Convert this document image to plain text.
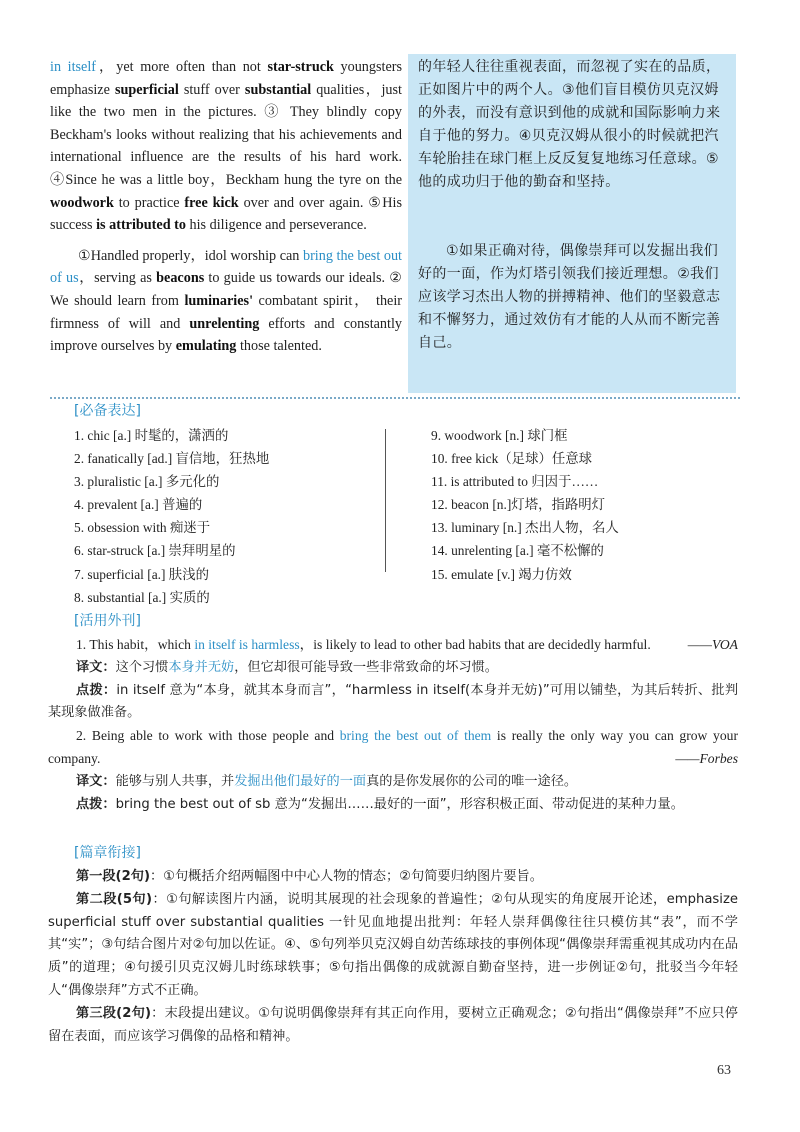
in itself，yet more often than not star-struck youngsters emphasize superficial stuff over substantial qualities，just like the two men in the pictures. ③ They blindly copy Beckham's looks without realizing that his achievements and international influence are the results of his hard work. ④Since he was a little boy，Beckham hung the tyre on the woodwork to practice free kick over and over again. ⑤His success is attributed to his diligence and perseverance.

①Handled properly，idol worship can bring the best out of us，serving as beacons to guide us towards our ideals. ② We should learn from luminaries' combatant spirit， their firmness of will and unrelenting efforts and constantly improve ourselves by emulating those talented.

的年轻人往往重视表面，而忽视了实在的品质，正如图片中的两个人。③他们盲目模仿贝克汉姆的外表，而没有意识到他的成就和国际影响力来自于他的努力。④贝克汉姆从很小的时候就把汽车轮胎挂在球门框上反反复复地练习任意球。⑤他的成功归于他的勤奋和坚持。

①如果正确对待，偶像崇拜可以发掘出我们好的一面，作为灯塔引领我们接近理想。②我们应该学习杰出人物的拼搏精神、他们的坚毅意志和不懈努力，通过效仿有才能的人从而不断完善自己。

[必备表达]
1. chic [a.] 时髦的，潇洒的
2. fanatically [ad.] 盲信地，狂热地
3. pluralistic [a.] 多元化的
4. prevalent [a.] 普遍的
5. obsession with 痴迷于
6. star-struck [a.] 崇拜明星的
7. superficial [a.] 肤浅的
8. substantial [a.] 实质的
9. woodwork [n.] 球门框
10. free kick（足球）任意球
11. is attributed to 归因于……
12. beacon [n.]灯塔，指路明灯
13. luminary [n.] 杰出人物，名人
14. unrelenting [a.] 毫不松懈的
15. emulate [v.] 竭力仿效
[活用外刊]

1. This habit，which in itself is harmless，is likely to lead to other bad habits that are decidedly harmful.	——VOA

译文：这个习惯本身并无妨，但它却很可能导致一些非常致命的坏习惯。

点拨：in itself 意为“本身，就其本身而言”，“harmless in itself(本身并无妨)”可用以铺垫，为其后转折、批判某现象做准备。

2. Being able to work with those people and bring the best out of them is really the only way you can grow your company.	——Forbes

译文：能够与别人共事，并发掘出他们最好的一面真的是你发展你的公司的唯一途径。

点拨：bring the best out of sb 意为“发掘出……最好的一面”，形容积极正面、带动促进的某种力量。

[篇章衔接]

第一段(2句)：①句概括介绍两幅图中中心人物的情态；②句简要归纳图片要旨。

第二段(5句)：①句解读图片内涵，说明其展现的社会现象的普遍性；②句从现实的角度展开论述，emphasize superficial stuff over substantial qualities 一针见血地提出批判：年轻人崇拜偶像往往只模仿其“表”，而不学其“实”；③句结合图片对②句加以佐证。④、⑤句列举贝克汉姆自幼苦练球技的事例体现“偶像崇拜需重视其成功内在品质”的道理；④句援引贝克汉姆儿时练球轶事；⑤句指出偶像的成就源自勤奋坚持，进一步例证②句，批驳当今年轻人“偶像崇拜”方式不正确。

第三段(2句)：末段提出建议。①句说明偶像崇拜有其正向作用，要树立正确观念；②句指出“偶像崇拜”不应只停留在表面，而应该学习偶像的品格和精神。

63
